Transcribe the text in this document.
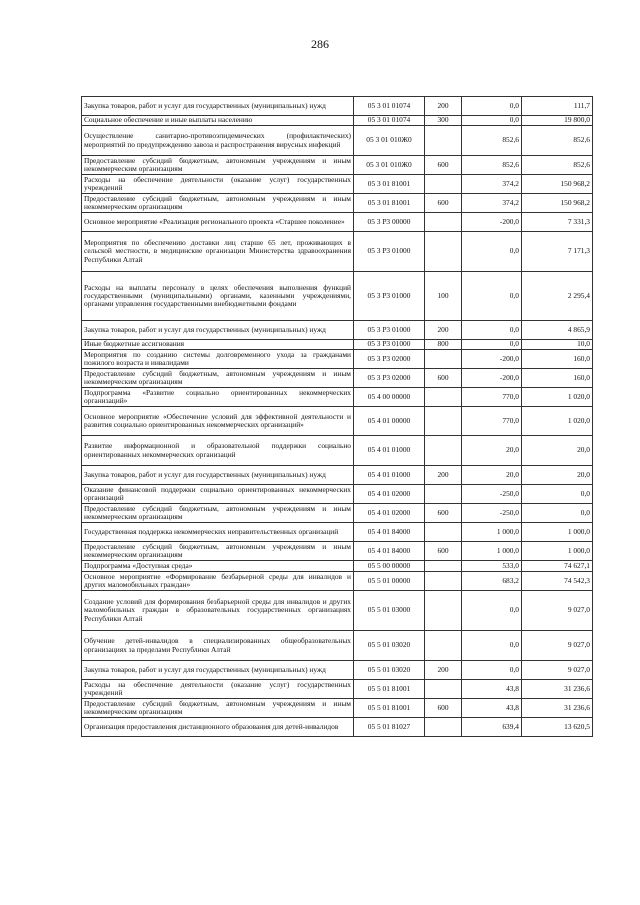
286
Закупка товаров, работ и услуг для государственных (муниципальных) нужд	05 3 01 01074	200	0,0	111,7
Социальное обеспечение и иные выплаты населению	05 3 01 01074	300	0,0	19 800,0
Осуществление санитарно-противоэпидемических (профилактических) мероприятий по предупреждению завоза и распространения вирусных инфекций	05 3 01 010Ж0		852,6	852,6
Предоставление субсидий бюджетным, автономным учреждениям и иным некоммерческим организациям	05 3 01 010Ж0	600	852,6	852,6
Расходы на обеспечение деятельности (оказание услуг) государственных учреждений	05 3 01 81001		374,2	150 968,2
Предоставление субсидий бюджетным, автономным учреждениям и иным некоммерческим организациям	05 3 01 81001	600	374,2	150 968,2
Основное мероприятие «Реализация регионального проекта «Старшее поколение»	05 3 P3 00000		-200,0	7 331,3
Мероприятия по обеспечению доставки лиц старше 65 лет, проживающих в сельской местности, в медицинские организации Министерства здравоохранения Республики Алтай	05 3 P3 01000		0,0	7 171,3
Расходы на выплаты персоналу в целях обеспечения выполнения функций государственными (муниципальными) органами, казенными учреждениями, органами управления государственными внебюджетными фондами	05 3 P3 01000	100	0,0	2 295,4
Закупка товаров, работ и услуг для государственных (муниципальных) нужд	05 3 P3 01000	200	0,0	4 865,9
Иные бюджетные ассигнования	05 3 P3 01000	800	0,0	10,0
Мероприятия по созданию системы долговременного ухода за гражданами пожилого возраста и инвалидами	05 3 P3 02000		-200,0	160,0
Предоставление субсидий бюджетным, автономным учреждениям и иным некоммерческим организациям	05 3 P3 02000	600	-200,0	160,0
Подпрограмма «Развитие социально ориентированных некоммерческих организаций»	05 4 00 00000		770,0	1 020,0
Основное мероприятие «Обеспечение условий для эффективной деятельности и развития социально ориентированных некоммерческих организаций»	05 4 01 00000		770,0	1 020,0
Развитие информационной и образовательной поддержки социально ориентированных некоммерческих организаций	05 4 01 01000		20,0	20,0
Закупка товаров, работ и услуг для государственных (муниципальных) нужд	05 4 01 01000	200	20,0	20,0
Оказание финансовой поддержки социально ориентированных некоммерческих организаций	05 4 01 02000		-250,0	0,0
Предоставление субсидий бюджетным, автономным учреждениям и иным некоммерческим организациям	05 4 01 02000	600	-250,0	0,0
Государственная поддержка некоммерческих неправительственных организаций	05 4 01 84000		1 000,0	1 000,0
Предоставление субсидий бюджетным, автономным учреждениям и иным некоммерческим организациям	05 4 01 84000	600	1 000,0	1 000,0
Подпрограмма «Доступная среда»	05 5 00 00000		533,0	74 627,1
Основное мероприятие «Формирование безбарьерной среды для инвалидов и других маломобильных граждан»	05 5 01 00000		683,2	74 542,3
Создание условий для формирования безбарьерной среды для инвалидов и других маломобильных граждан в образовательных государственных организациях Республики Алтай	05 5 01 03000		0,0	9 027,0
Обучение детей-инвалидов в специализированных общеобразовательных организациях за пределами Республики Алтай	05 5 01 03020		0,0	9 027,0
Закупка товаров, работ и услуг для государственных (муниципальных) нужд	05 5 01 03020	200	0,0	9 027,0
Расходы на обеспечение деятельности (оказание услуг) государственных учреждений	05 5 01 81001		43,8	31 236,6
Предоставление субсидий бюджетным, автономным учреждениям и иным некоммерческим организациям	05 5 01 81001	600	43,8	31 236,6
Организация предоставления дистанционного образования для детей-инвалидов	05 5 01 81027		639,4	13 620,5
